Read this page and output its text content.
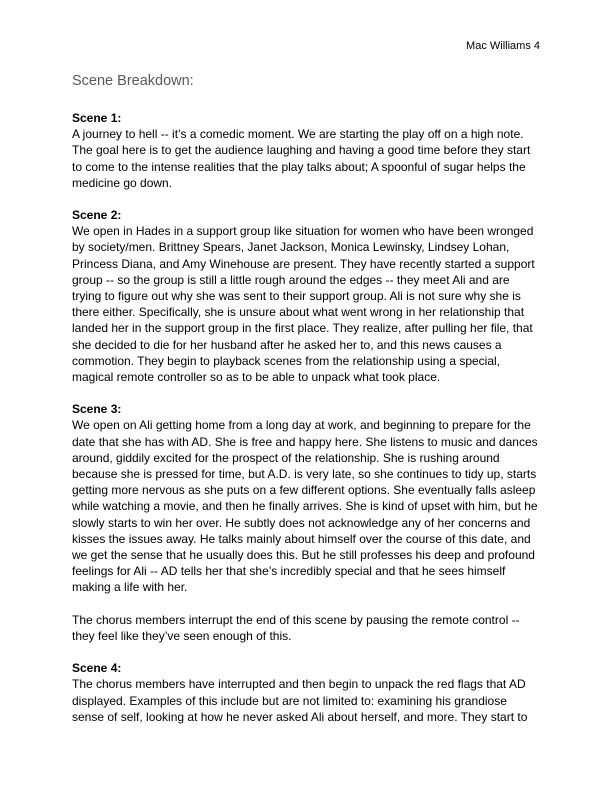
Mac Williams 4
Scene Breakdown:

Scene 1:

A journey to hell -- it’s a comedic moment. We are starting the play off on a high note. The goal here is to get the audience laughing and having a good time before they start to come to the intense realities that the play talks about; A spoonful of sugar helps the medicine go down.

Scene 2:

We open in Hades in a support group like situation for women who have been wronged by society/men. Brittney Spears, Janet Jackson, Monica Lewinsky, Lindsey Lohan, Princess Diana, and Amy Winehouse are present. They have recently started a support group -- so the group is still a little rough around the edges -- they meet Ali and are trying to figure out why she was sent to their support group. Ali is not sure why she is there either. Specifically, she is unsure about what went wrong in her relationship that landed her in the support group in the first place. They realize, after pulling her file, that she decided to die for her husband after he asked her to, and this news causes a commotion. They begin to playback scenes from the relationship using a special, magical remote controller so as to be able to unpack what took place.

Scene 3:

We open on Ali getting home from a long day at work, and beginning to prepare for the date that she has with AD. She is free and happy here. She listens to music and dances around, giddily excited for the prospect of the relationship. She is rushing around because she is pressed for time, but A.D. is very late, so she continues to tidy up, starts getting more nervous as she puts on a few different options. She eventually falls asleep while watching a movie, and then he finally arrives. She is kind of upset with him, but he slowly starts to win her over. He subtly does not acknowledge any of her concerns and kisses the issues away. He talks mainly about himself over the course of this date, and we get the sense that he usually does this. But he still professes his deep and profound feelings for Ali -- AD tells her that she’s incredibly special and that he sees himself making a life with her.

The chorus members interrupt the end of this scene by pausing the remote control -- they feel like they’ve seen enough of this.

Scene 4:

The chorus members have interrupted and then begin to unpack the red flags that AD displayed. Examples of this include but are not limited to: examining his grandiose sense of self, looking at how he never asked Ali about herself, and more. They start to
